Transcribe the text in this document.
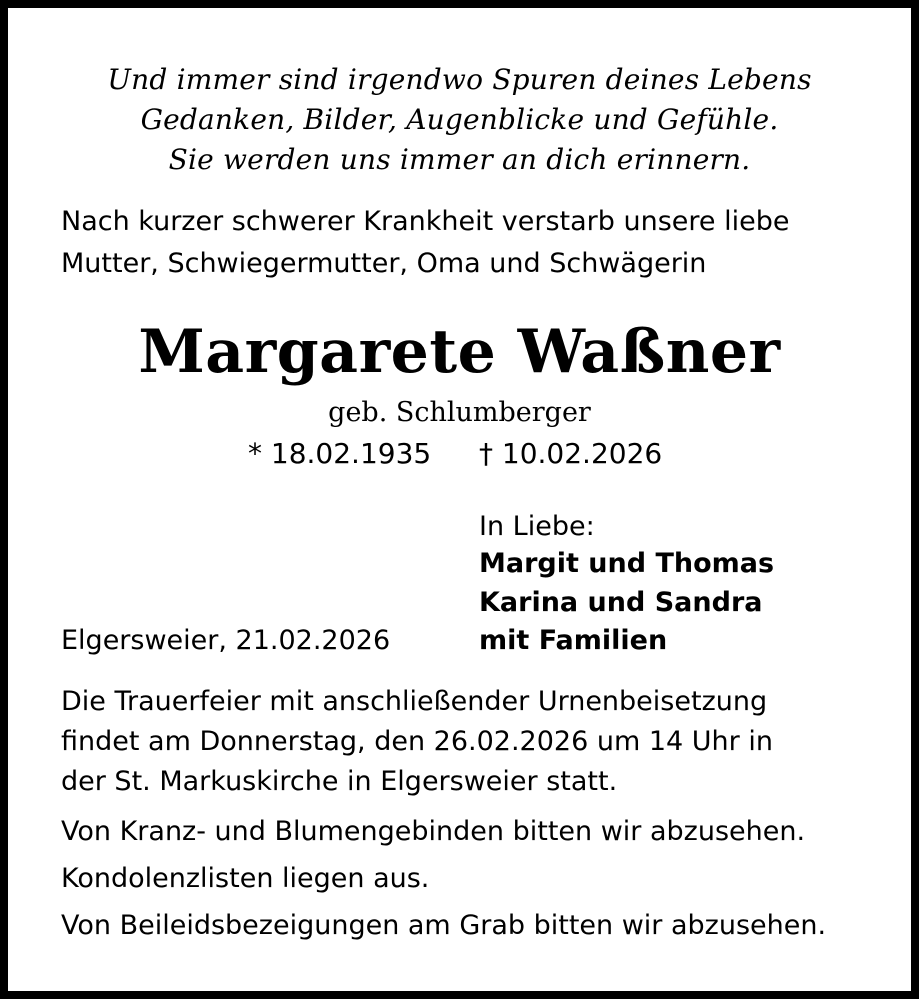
Und immer sind irgendwo Spuren deines Lebens
Gedanken, Bilder, Augenblicke und Gefühle.
Sie werden uns immer an dich erinnern.
Nach kurzer schwerer Krankheit verstarb unsere liebe
Mutter, Schwiegermutter, Oma und Schwägerin
Margarete Waßner
geb. Schlumberger
* 18.02.1935 † 10.02.2026
In Liebe:
Margit und Thomas
Karina und Sandra
mit Familien
Elgersweier, 21.02.2026
Die Trauerfeier mit anschließender Urnenbeisetzung
findet am Donnerstag, den 26.02.2026 um 14 Uhr in
der St. Markuskirche in Elgersweier statt.
Von Kranz- und Blumengebinden bitten wir abzusehen.
Kondolenzlisten liegen aus.
Von Beileidsbezeigungen am Grab bitten wir abzusehen.
